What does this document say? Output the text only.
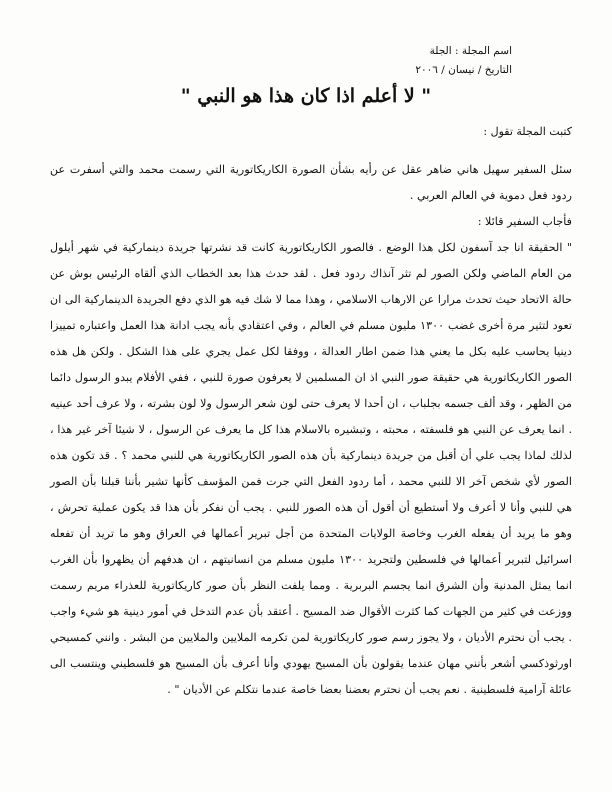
اسم المجلة : الجلة
التاريخ / نيسان / ٢٠٠٦
" لا أعلم اذا كان هذا هو النبي "
كتبت المجلة تقول :

سئل السفير سهيل هاني ضاهر عقل عن رأيه بشأن الصورة الكاريكاتورية التي رسمت محمد والتي أسفرت عن ردود فعل دموية في العالم العربي .

فأجاب السفير قائلا :

" الحقيقة انا جد آسفون لكل هذا الوضع . فالصور الكاريكاتورية كانت قد نشرتها جريدة دينماركية في شهر أيلول من العام الماضي ولكن الصور لم تثر آنذاك ردود فعل . لقد حدث هذا بعد الخطاب الذي ألقاه الرئيس بوش عن حالة الاتحاد حيث تحدث مرارا عن الارهاب الاسلامي ، وهذا مما لا شك فيه هو الذي دفع الجريدة الدينماركية الى ان تعود لتثير مرة أخرى غضب ١٣٠٠ مليون مسلم في العالم ، وفي اعتقادي بأنه يجب ادانة هذا العمل واعتباره تمييزا دينيا يحاسب عليه بكل ما يعني هذا ضمن اطار العدالة ، ووفقا لكل عمل يجري على هذا الشكل . ولكن هل هذه الصور الكاريكاتورية هي حقيقة صور النبي اذ ان المسلمين لا يعرفون صورة للنبي ، ففي الأفلام يبدو الرسول دائما من الظهر ، وقد ألف جسمه بجلباب ، ان أحدا لا يعرف حتى لون شعر الرسول ولا لون بشرته ، ولا عرف أحد عينيه . انما يعرف عن النبي هو فلسفته ، محبته ، وتبشيره بالاسلام هذا كل ما يعرف عن الرسول ، لا شيئا آخر غير هذا ، لذلك لماذا يجب علي أن أقبل من جريدة دينماركية بأن هذه الصور الكاريكاتورية هي للنبي محمد ؟ . قد تكون هذه الصور لأي شخص آخر الا للنبي محمد ، أما ردود الفعل التي جرت فمن المؤسف كأنها تشير بأننا قبلنا بأن الصور هي للنبي وأنا لا أعرف ولا أستطيع أن أقول أن هذه الصور للنبي . يجب أن نفكر بأن هذا قد يكون عملية تحرش ، وهو ما يريد أن يفعله الغرب وخاصة الولايات المتحدة من أجل تبرير أعمالها في العراق وهو ما تريد أن تفعله اسرائيل لتبرير أعمالها في فلسطين ولتجريد ١٣٠٠ مليون مسلم من انسانيتهم ، ان هدفهم أن يظهروا بأن الغرب انما يمثل المدنية وأن الشرق انما يجسم البربرية . ومما يلفت النظر بأن صور كاريكاتورية للعذراء مريم رسمت ووزعت في كثير من الجهات كما كثرت الأقوال ضد المسيح . أعتقد بأن عدم التدخل في أمور دينية هو شيء واجب . يجب أن نحترم الأديان ، ولا يجوز رسم صور كاريكاتورية لمن تكرمه الملايين والملايين من البشر . وانني كمسيحي اورثوذكسي أشعر بأنني مهان عندما يقولون بأن المسيح يهودي وأنا أعرف بأن المسيح هو فلسطيني وينتسب الى عائلة آرامية فلسطينية . نعم يجب أن نحترم بعضنا بعضا خاصة عندما نتكلم عن الأديان " .
